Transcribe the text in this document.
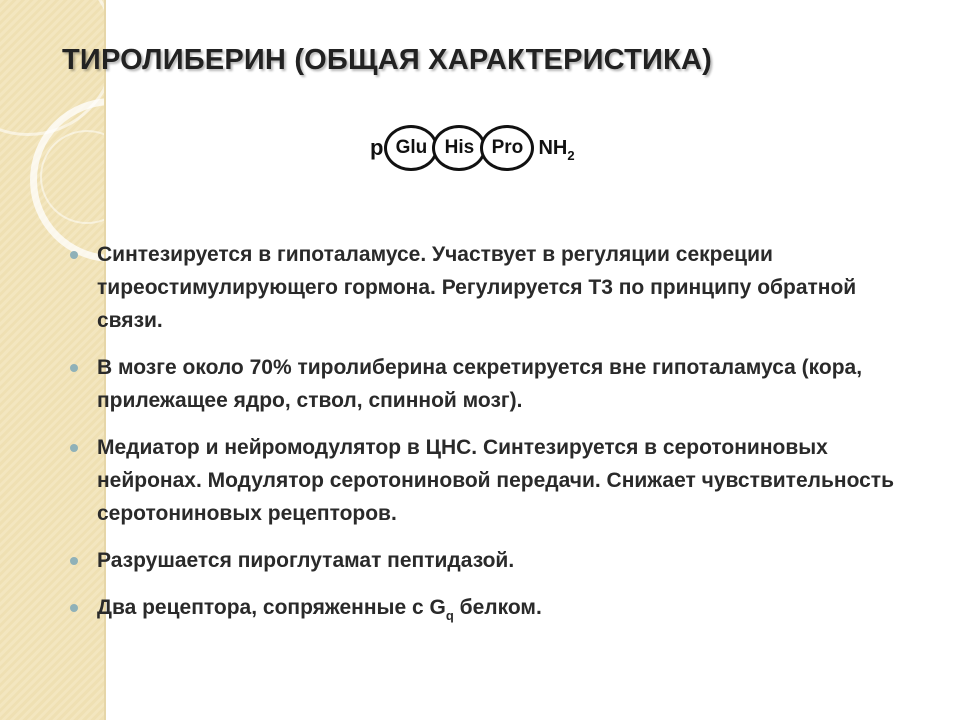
ТИРОЛИБЕРИН (ОБЩАЯ ХАРАКТЕРИСТИКА)
p Glu His Pro $NH_2$
Синтезируется в гипоталамусе. Участвует в регуляции секреции тиреостимулирующего гормона. Регулируется Т3 по принципу обратной связи.
В мозге около 70% тиролиберина секретируется вне гипоталамуса (кора, прилежащее ядро, ствол, спинной мозг).
Медиатор и нейромодулятор в ЦНС. Синтезируется в серотониновых нейронах. Модулятор серотониновой передачи. Снижает чувствительность серотониновых рецепторов.
Разрушается пироглутамат пептидазой.
Два рецептора, сопряженные с $G_q$ белком.
